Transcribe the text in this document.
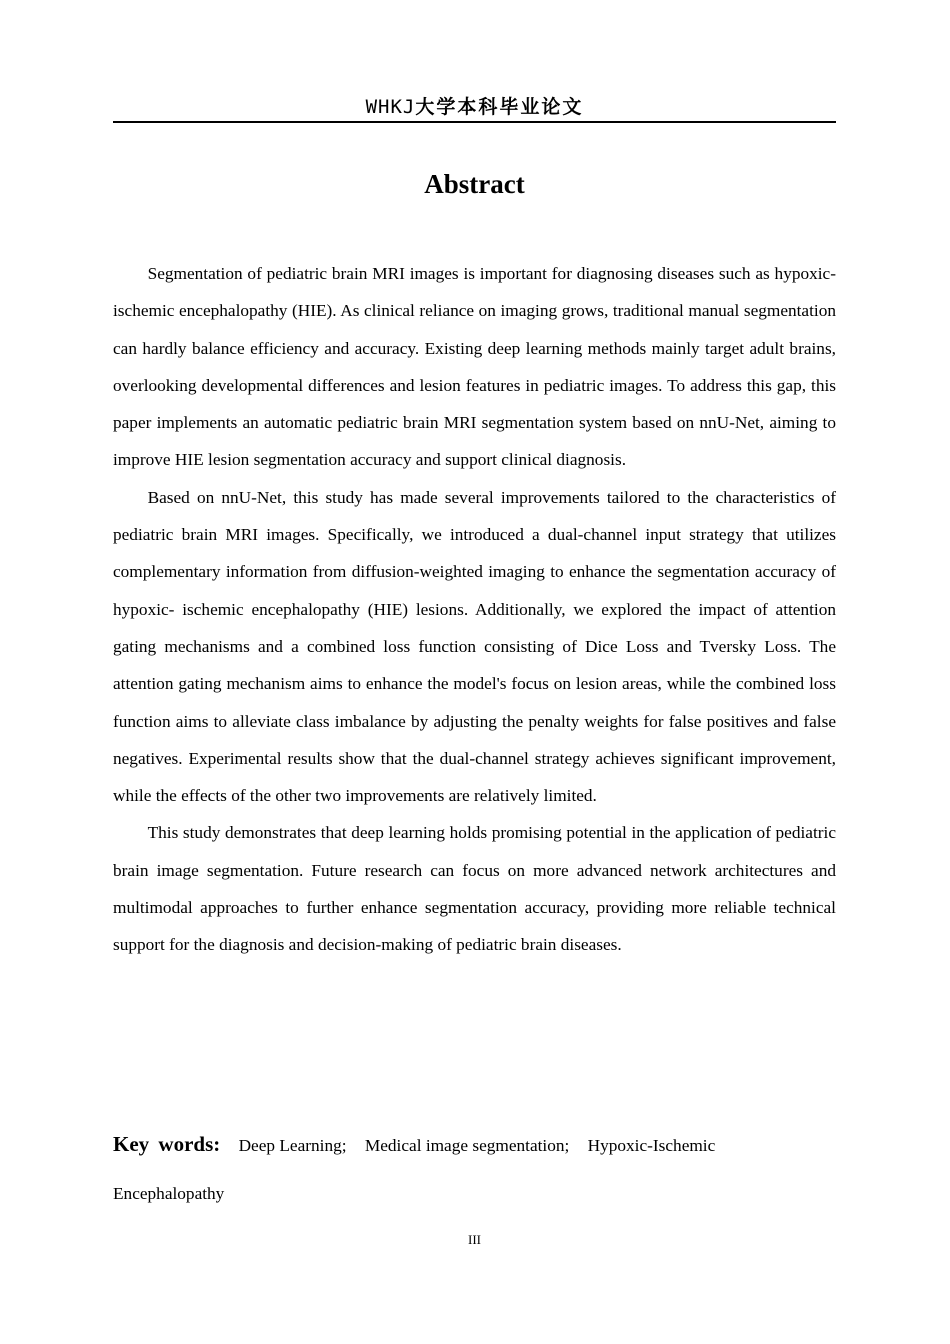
WHKJ大学本科毕业论文
Abstract

Segmentation of pediatric brain MRI images is important for diagnosing diseases such as hypoxic-ischemic encephalopathy (HIE). As clinical reliance on imaging grows, traditional manual segmentation can hardly balance efficiency and accuracy. Existing deep learning methods mainly target adult brains, overlooking developmental differences and lesion features in pediatric images. To address this gap, this paper implements an automatic pediatric brain MRI segmentation system based on nnU-Net, aiming to improve HIE lesion segmentation accuracy and support clinical diagnosis.

Based on nnU-Net, this study has made several improvements tailored to the characteristics of pediatric brain MRI images. Specifically, we introduced a dual-channel input strategy that utilizes complementary information from diffusion-weighted imaging to enhance the segmentation accuracy of hypoxic- ischemic encephalopathy (HIE) lesions. Additionally, we explored the impact of attention gating mechanisms and a combined loss function consisting of Dice Loss and Tversky Loss. The attention gating mechanism aims to enhance the model's focus on lesion areas, while the combined loss function aims to alleviate class imbalance by adjusting the penalty weights for false positives and false negatives. Experimental results show that the dual-channel strategy achieves significant improvement, while the effects of the other two improvements are relatively limited.

This study demonstrates that deep learning holds promising potential in the application of pediatric brain image segmentation. Future research can focus on more advanced network architectures and multimodal approaches to further enhance segmentation accuracy, providing more reliable technical support for the diagnosis and decision-making of pediatric brain diseases.

Key words: Deep Learning; Medical image segmentation; Hypoxic-Ischemic Encephalopathy
III
